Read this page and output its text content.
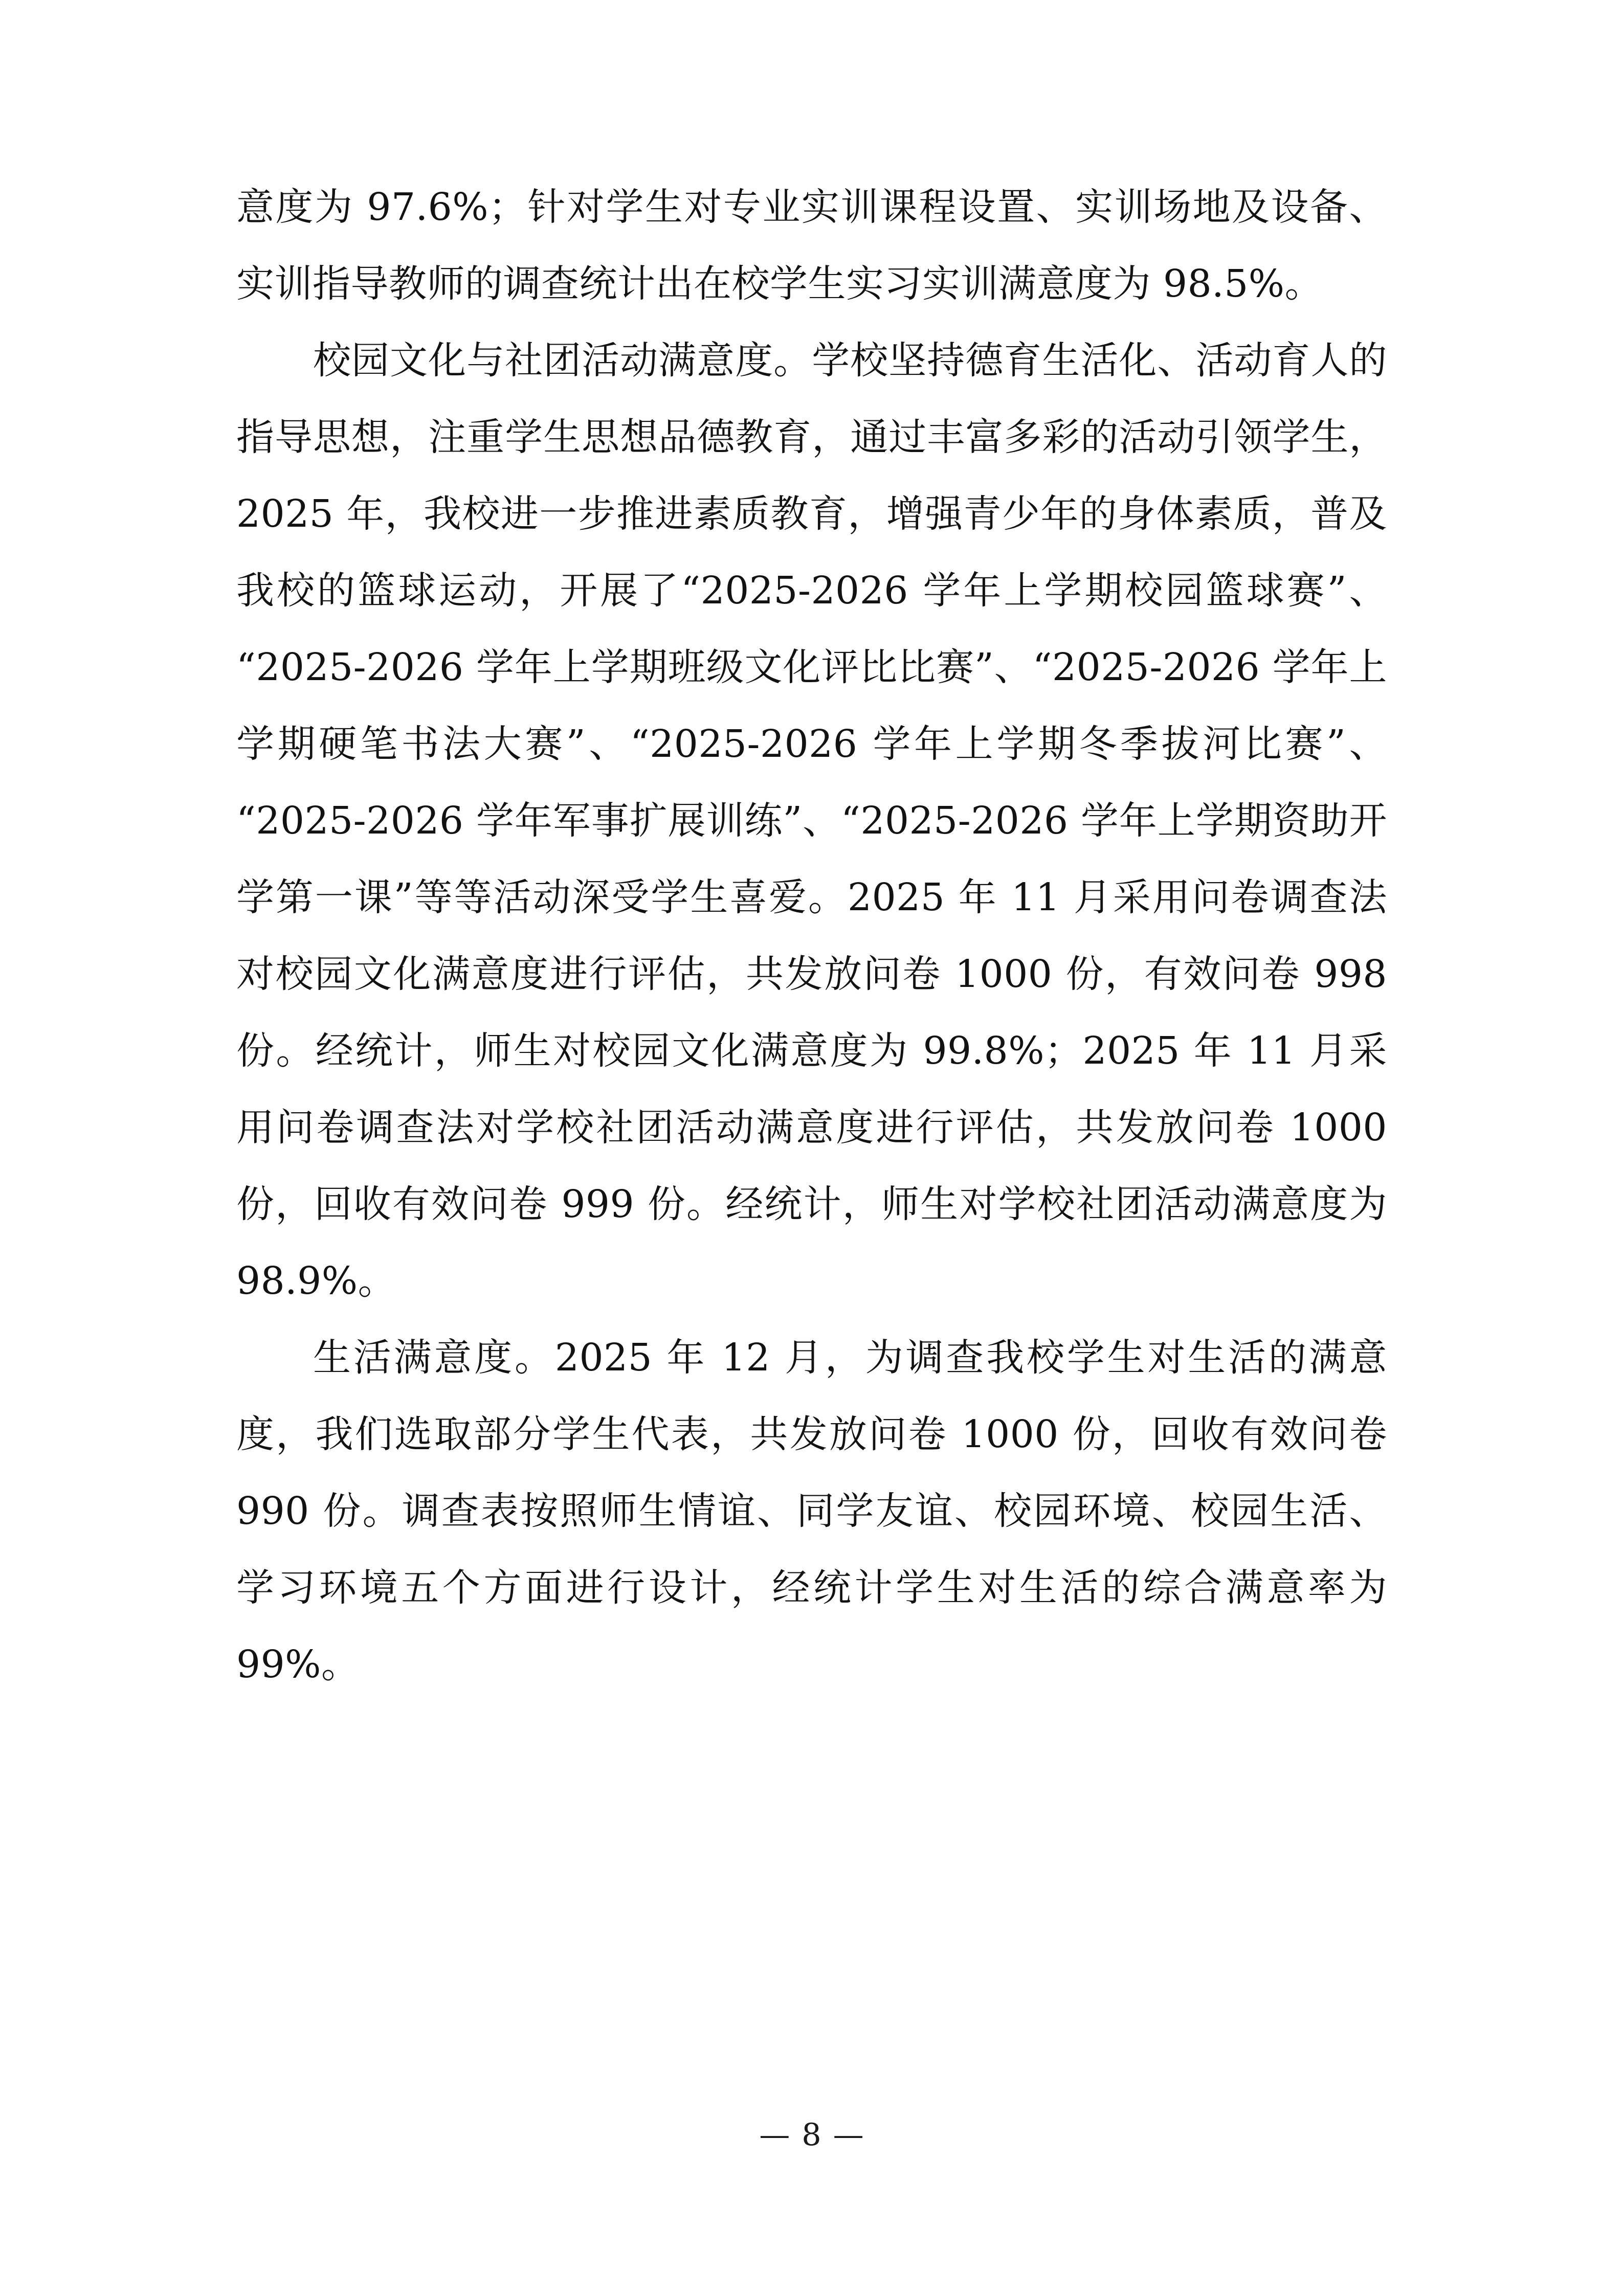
意度为 97.6%；针对学生对专业实训课程设置、实训场地及设备、实训指导教师的调查统计出在校学生实习实训满意度为 98.5%。

校园文化与社团活动满意度。学校坚持德育生活化、活动育人的指导思想，注重学生思想品德教育，通过丰富多彩的活动引领学生，2025 年，我校进一步推进素质教育，增强青少年的身体素质，普及我校的篮球运动，开展了“2025-2026 学年上学期校园篮球赛”、“2025-2026 学年上学期班级文化评比比赛”、“2025-2026 学年上学期硬笔书法大赛”、“2025-2026 学年上学期冬季拔河比赛”、“2025-2026 学年军事扩展训练”、“2025-2026 学年上学期资助开学第一课”等等活动深受学生喜爱。2025 年 11 月采用问卷调查法对校园文化满意度进行评估，共发放问卷 1000 份，有效问卷 998 份。经统计，师生对校园文化满意度为 99.8%；2025 年 11 月采用问卷调查法对学校社团活动满意度进行评估，共发放问卷 1000 份，回收有效问卷 999 份。经统计，师生对学校社团活动满意度为 98.9%。

生活满意度。2025 年 12 月，为调查我校学生对生活的满意度，我们选取部分学生代表，共发放问卷 1000 份，回收有效问卷 990 份。调查表按照师生情谊、同学友谊、校园环境、校园生活、学习环境五个方面进行设计，经统计学生对生活的综合满意率为 99%。

— 8 —
